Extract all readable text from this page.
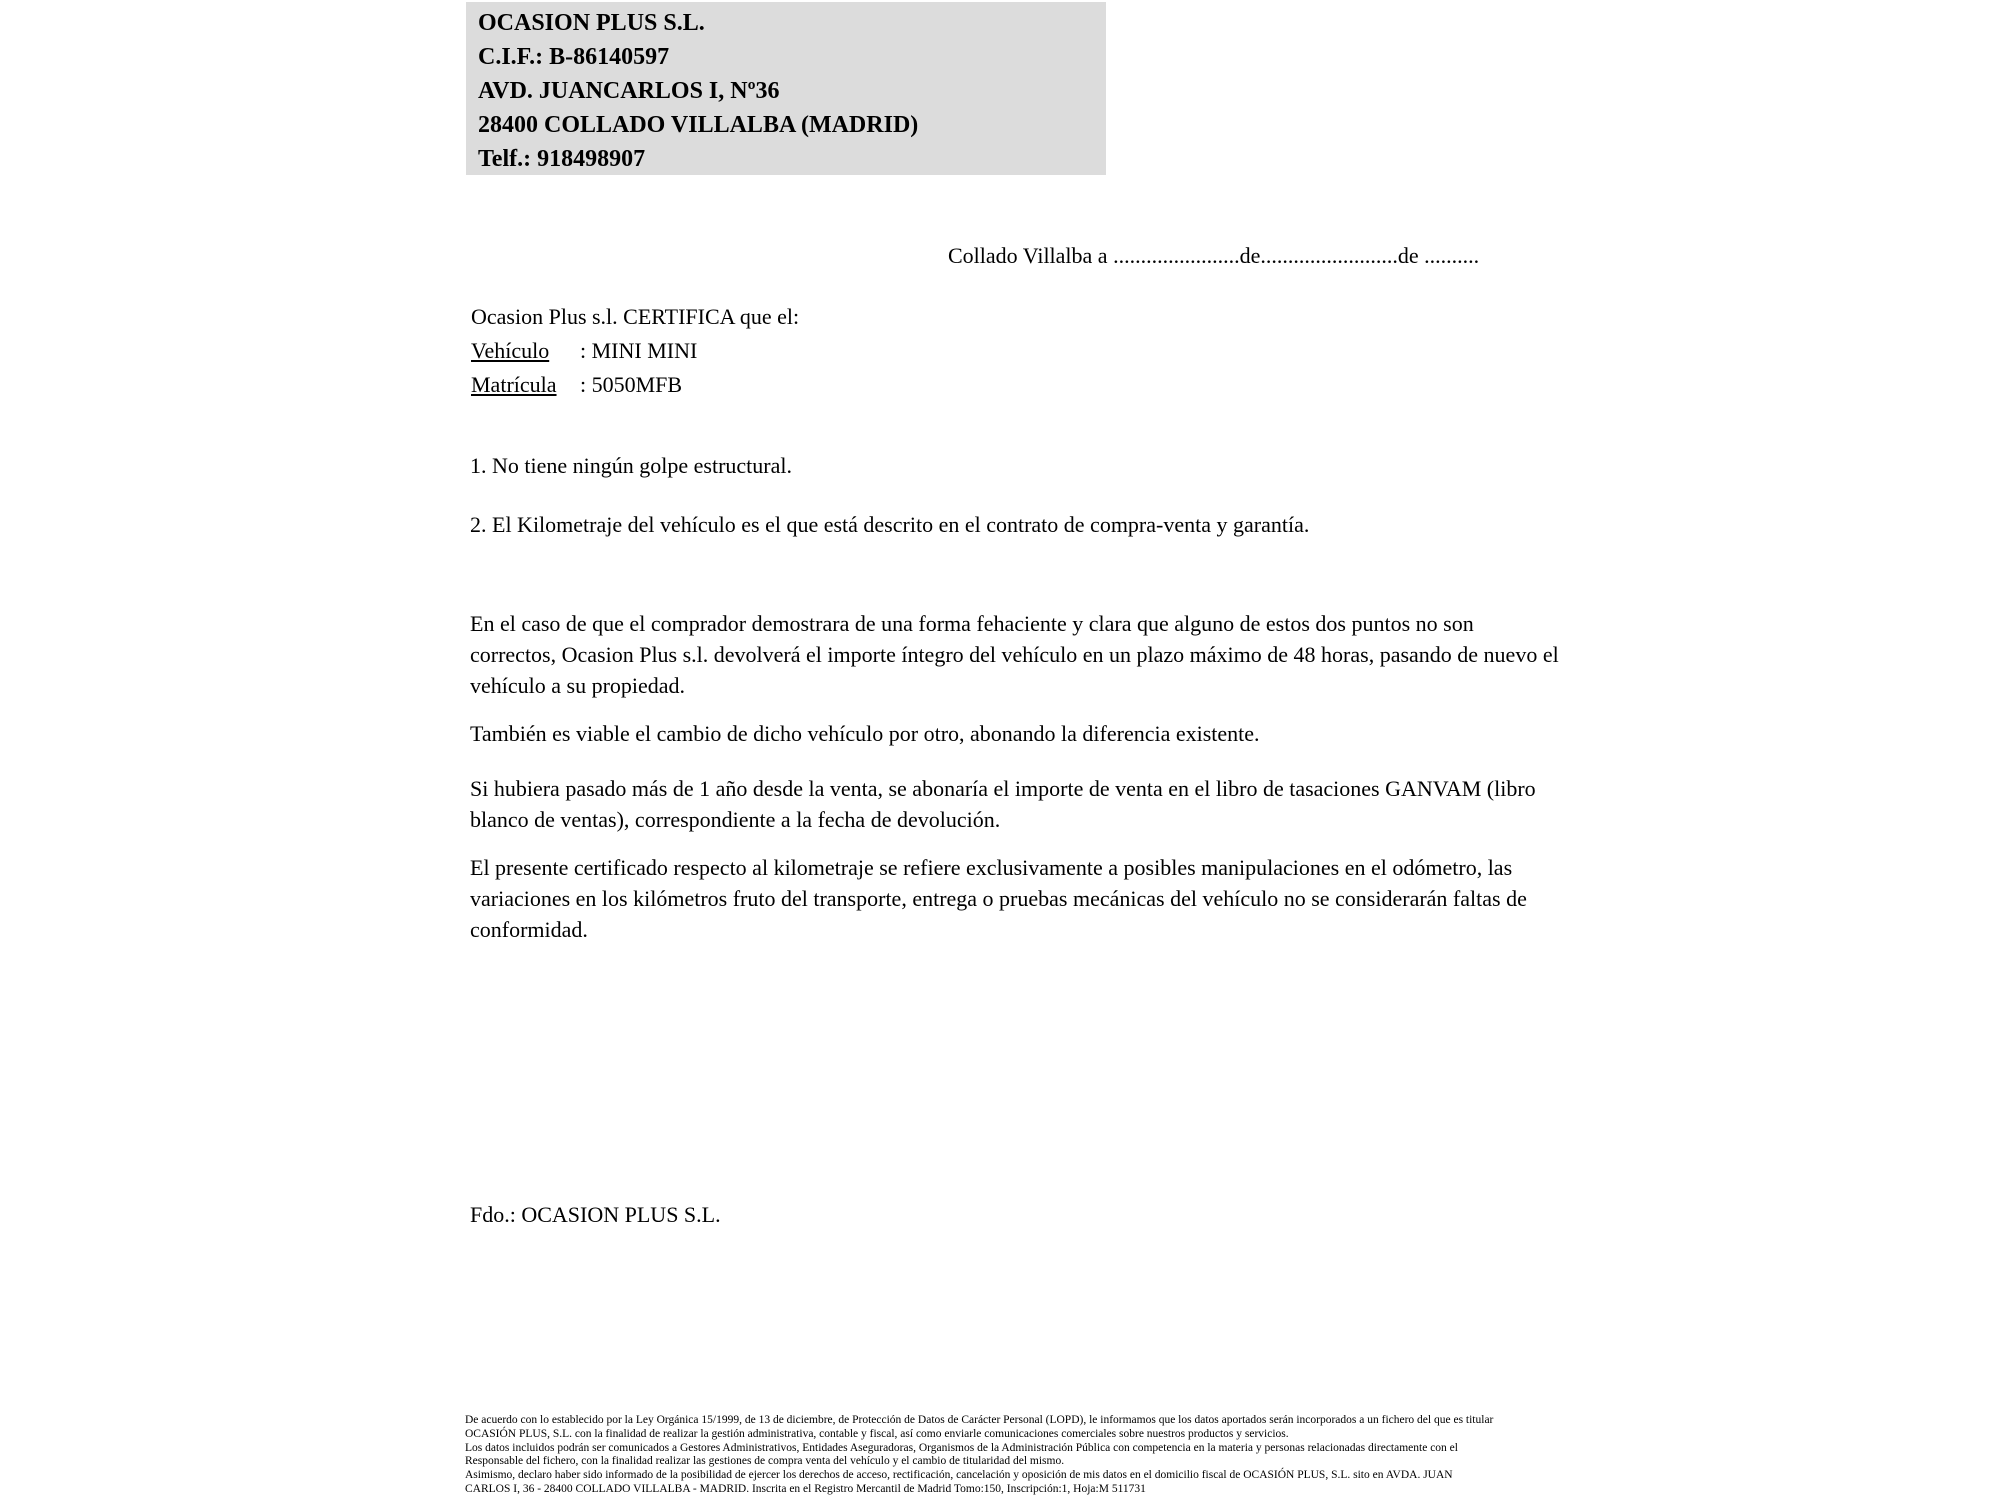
OCASION PLUS S.L.
C.I.F.: B-86140597
AVD. JUANCARLOS I, Nº36
28400 COLLADO VILLALBA (MADRID)
Telf.: 918498907
Collado Villalba a .......................de.........................de ..........
Ocasion Plus s.l. CERTIFICA que el:
Vehículo : MINI MINI
Matrícula : 5050MFB
1. No tiene ningún golpe estructural.
2. El Kilometraje del vehículo es el que está descrito en el contrato de compra-venta y garantía.

En el caso de que el comprador demostrara de una forma fehaciente y clara que alguno de estos dos puntos no son correctos, Ocasion Plus s.l. devolverá el importe íntegro del vehículo en un plazo máximo de 48 horas, pasando de nuevo el vehículo a su propiedad.

También es viable el cambio de dicho vehículo por otro, abonando la diferencia existente.

Si hubiera pasado más de 1 año desde la venta, se abonaría el importe de venta en el libro de tasaciones GANVAM (libro blanco de ventas), correspondiente a la fecha de devolución.

El presente certificado respecto al kilometraje se refiere exclusivamente a posibles manipulaciones en el odómetro, las variaciones en los kilómetros fruto del transporte, entrega o pruebas mecánicas del vehículo no se considerarán faltas de conformidad.

Fdo.: OCASION PLUS S.L.
De acuerdo con lo establecido por la Ley Orgánica 15/1999, de 13 de diciembre, de Protección de Datos de Carácter Personal (LOPD), le informamos que los datos aportados serán incorporados a un fichero del que es titular
OCASIÓN PLUS, S.L. con la finalidad de realizar la gestión administrativa, contable y fiscal, así como enviarle comunicaciones comerciales sobre nuestros productos y servicios.
Los datos incluidos podrán ser comunicados a Gestores Administrativos, Entidades Aseguradoras, Organismos de la Administración Pública con competencia en la materia y personas relacionadas directamente con el
Responsable del fichero, con la finalidad realizar las gestiones de compra venta del vehículo y el cambio de titularidad del mismo.
Asimismo, declaro haber sido informado de la posibilidad de ejercer los derechos de acceso, rectificación, cancelación y oposición de mis datos en el domicilio fiscal de OCASIÓN PLUS, S.L. sito en AVDA. JUAN
CARLOS I, 36 - 28400 COLLADO VILLALBA - MADRID. Inscrita en el Registro Mercantil de Madrid Tomo:150, Inscripción:1, Hoja:M 511731
